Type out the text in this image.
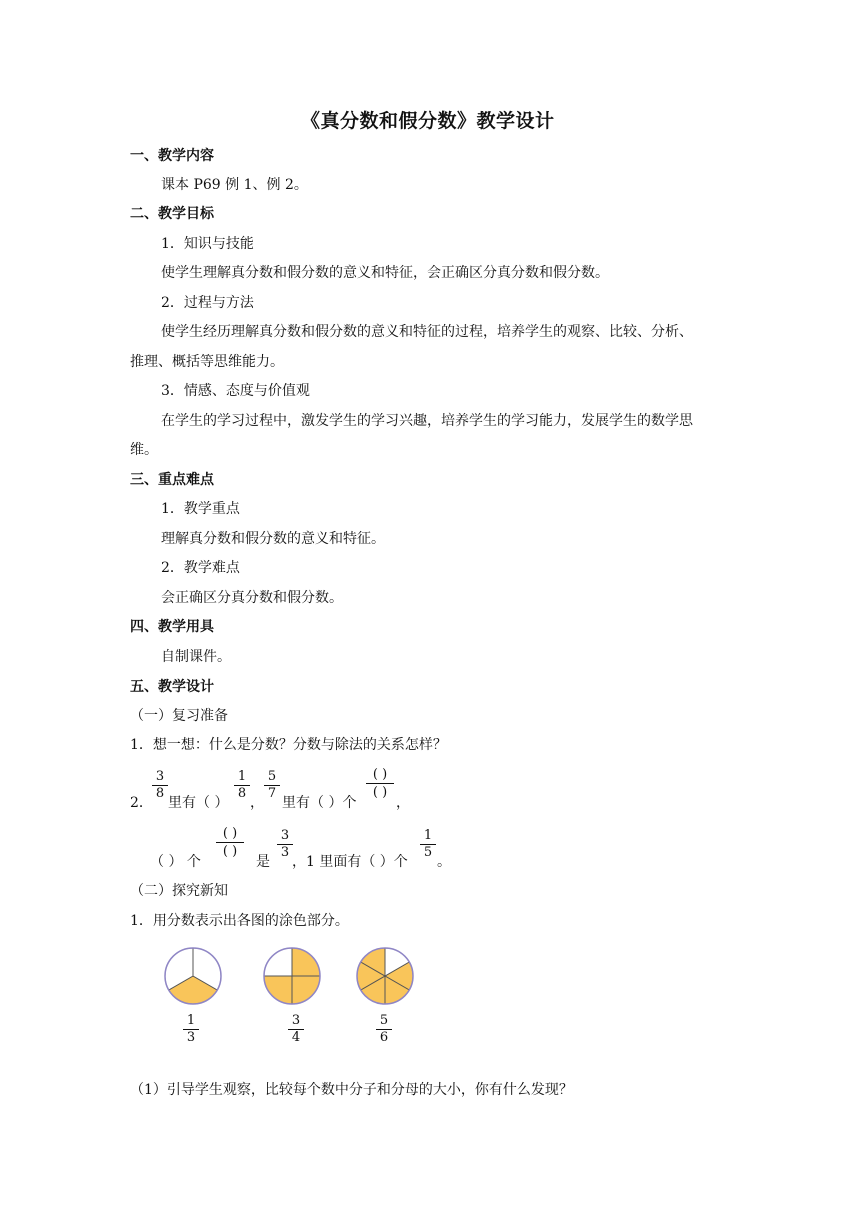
《真分数和假分数》教学设计
一、教学内容
课本 P69 例 1、例 2。
二、教学目标
1．知识与技能
使学生理解真分数和假分数的意义和特征，会正确区分真分数和假分数。
2．过程与方法
使学生经历理解真分数和假分数的意义和特征的过程，培养学生的观察、比较、分析、
推理、概括等思维能力。
3．情感、态度与价值观
在学生的学习过程中，激发学生的学习兴趣，培养学生的学习能力，发展学生的数学思
维。
三、重点难点
1．教学重点
理解真分数和假分数的意义和特征。
2．教学难点
会正确区分真分数和假分数。
四、教学用具
自制课件。
五、教学设计
（一）复习准备
1．想一想：什么是分数？分数与除法的关系怎样？
2．
3
8
里有（ ）
1
8
，
5
7
里有（ ）个
( )
( )
，
（ ） 个
( )
( )
是
3
3
，1 里面有（ ）个
1
5
。
（二）探究新知
1．用分数表示出各图的涂色部分。
1
3
3
4
5
6
（1）引导学生观察，比较每个数中分子和分母的大小，你有什么发现？
